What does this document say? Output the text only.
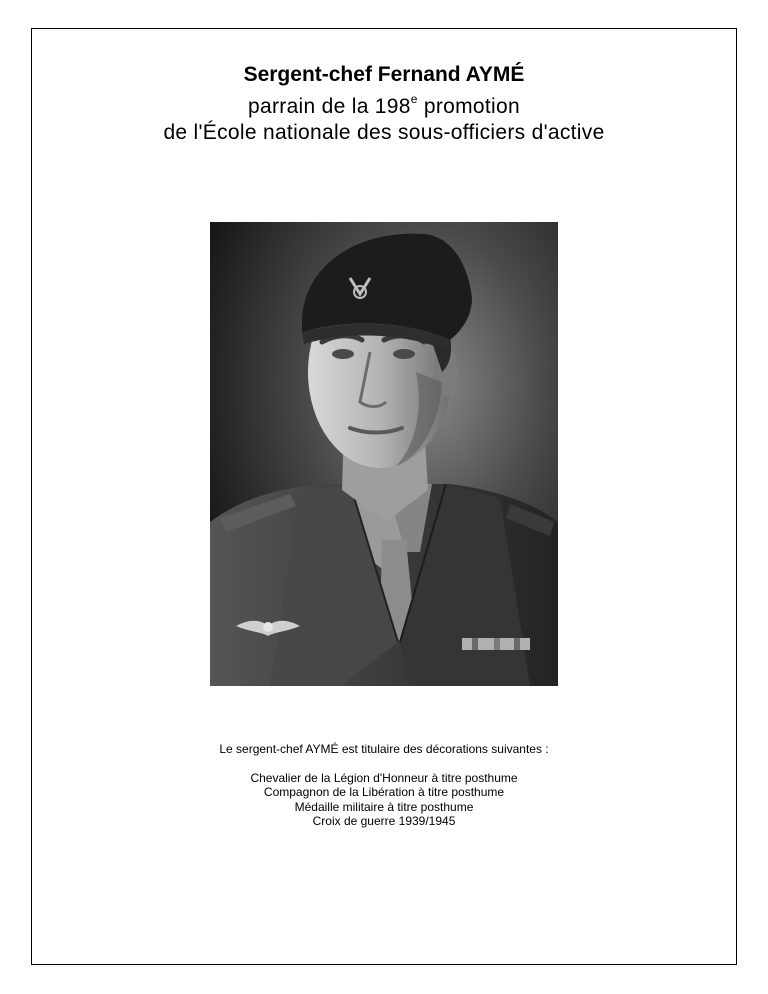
Sergent-chef Fernand AYMÉ
parrain de la 198e promotion
de l'École nationale des sous-officiers d'active
Le sergent-chef AYMÉ est titulaire des décorations suivantes :
Chevalier de la Légion d'Honneur à titre posthume
Compagnon de la Libération à titre posthume
Médaille militaire à titre posthume
Croix de guerre 1939/1945
